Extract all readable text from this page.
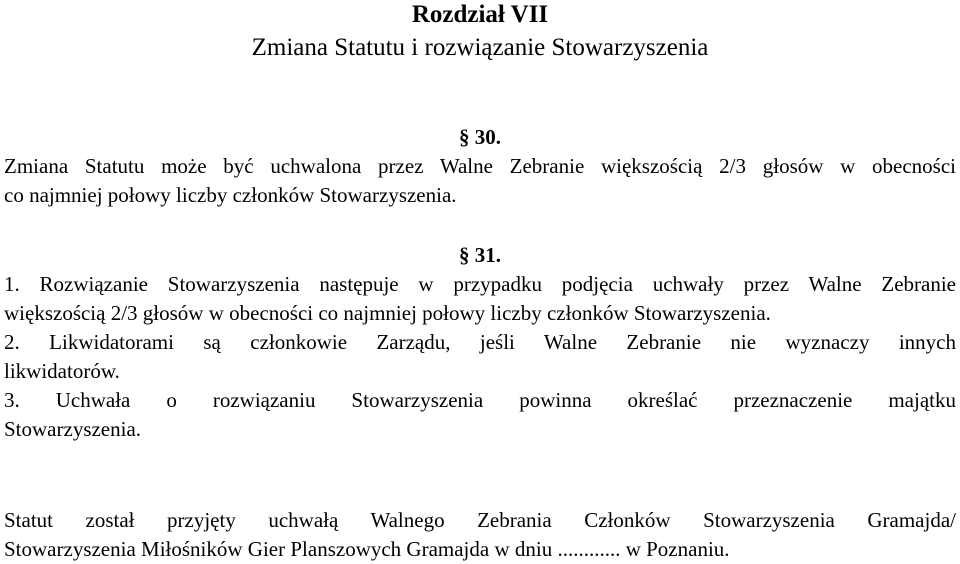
Rozdział VII
Zmiana Statutu i rozwiązanie Stowarzyszenia
§ 30.
Zmiana Statutu może być uchwalona przez Walne Zebranie większością 2/3 głosów w obecności
co najmniej połowy liczby członków Stowarzyszenia.
§ 31.
1. Rozwiązanie Stowarzyszenia następuje w przypadku podjęcia uchwały przez Walne Zebranie
większością 2/3 głosów w obecności co najmniej połowy liczby członków Stowarzyszenia.
2. Likwidatorami są członkowie Zarządu, jeśli Walne Zebranie nie wyznaczy innych
likwidatorów.
3. Uchwała o rozwiązaniu Stowarzyszenia powinna określać przeznaczenie majątku
Stowarzyszenia.
Statut został przyjęty uchwałą Walnego Zebrania Członków Stowarzyszenia Gramajda/
Stowarzyszenia Miłośników Gier Planszowych Gramajda w dniu ............ w Poznaniu.
